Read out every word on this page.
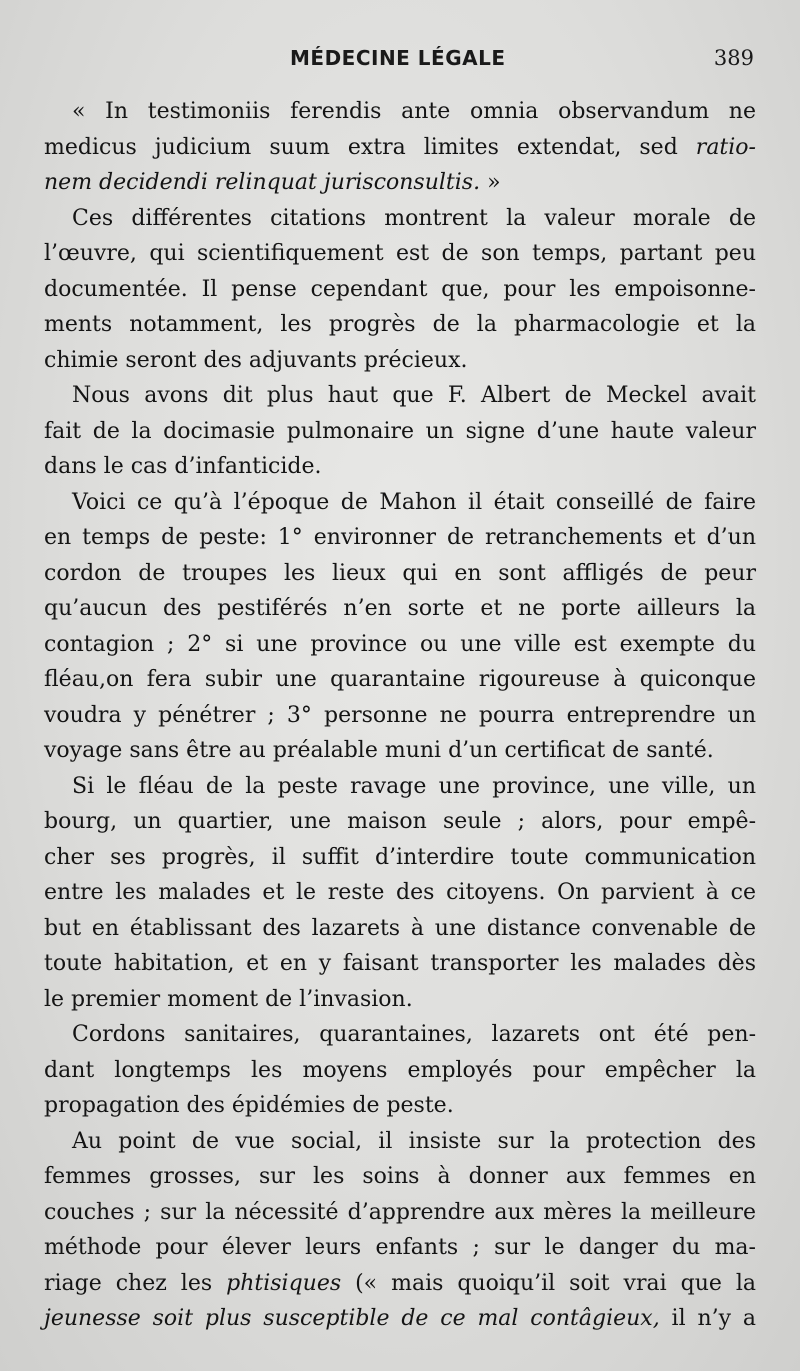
MÉDECINE LÉGALE	389
« In testimoniis ferendis ante omnia observandum ne
medicus judicium suum extra limites extendat, sed ratio-
nem decidendi relinquat jurisconsultis. »
Ces différentes citations montrent la valeur morale de
l’œuvre, qui scientifiquement est de son temps, partant peu
documentée. Il pense cependant que, pour les empoisonne-
ments notamment, les progrès de la pharmacologie et la
chimie seront des adjuvants précieux.
Nous avons dit plus haut que F. Albert de Meckel avait
fait de la docimasie pulmonaire un signe d’une haute valeur
dans le cas d’infanticide.
Voici ce qu’à l’époque de Mahon il était conseillé de faire
en temps de peste: 1° environner de retranchements et d’un
cordon de troupes les lieux qui en sont affligés de peur
qu’aucun des pestiférés n’en sorte et ne porte ailleurs la
contagion ; 2° si une province ou une ville est exempte du
fléau,on fera subir une quarantaine rigoureuse à quiconque
voudra y pénétrer ; 3° personne ne pourra entreprendre un
voyage sans être au préalable muni d’un certificat de santé.
Si le fléau de la peste ravage une province, une ville, un
bourg, un quartier, une maison seule ; alors, pour empê-
cher ses progrès, il suffit d’interdire toute communication
entre les malades et le reste des citoyens. On parvient à ce
but en établissant des lazarets à une distance convenable de
toute habitation, et en y faisant transporter les malades dès
le premier moment de l’invasion.
Cordons sanitaires, quarantaines, lazarets ont été pen-
dant longtemps les moyens employés pour empêcher la
propagation des épidémies de peste.
Au point de vue social, il insiste sur la protection des
femmes grosses, sur les soins à donner aux femmes en
couches ; sur la nécessité d’apprendre aux mères la meilleure
méthode pour élever leurs enfants ; sur le danger du ma-
riage chez les phtisiques (« mais quoiqu’il soit vrai que la
jeunesse soit plus susceptible de ce mal contâgieux, il n’y a
